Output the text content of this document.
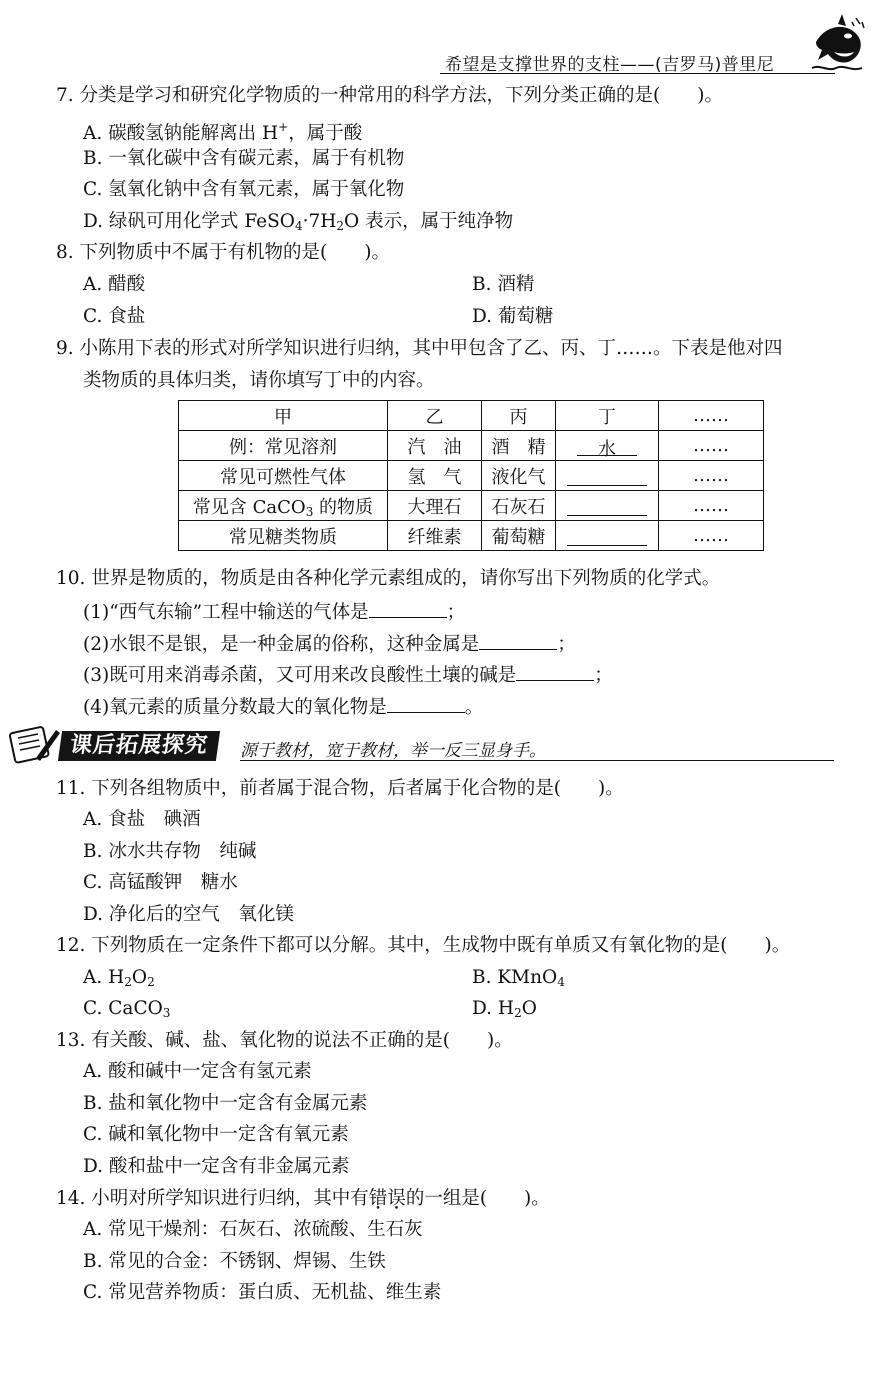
希望是支撑世界的支柱——(吉罗马)普里尼
7. 分类是学习和研究化学物质的一种常用的科学方法，下列分类正确的是(　　)。
A. 碳酸氢钠能解离出 H+，属于酸
B. 一氧化碳中含有碳元素，属于有机物
C. 氢氧化钠中含有氧元素，属于氧化物
D. 绿矾可用化学式 $FeSO_4\cdot 7H_2O$ 表示，属于纯净物
8. 下列物质中不属于有机物的是(　　)。
A. 醋酸	B. 酒精
C. 食盐	D. 葡萄糖
9. 小陈用下表的形式对所学知识进行归纳，其中甲包含了乙、丙、丁……。下表是他对四
类物质的具体归类，请你填写丁中的内容。
甲	乙	丙	丁	……
例：常见溶剂	汽　油	酒　精	水	……
常见可燃性气体	氢　气	液化气		……
常见含 CaCO$_3$ 的物质	大理石	石灰石		……
常见糖类物质	纤维素	葡萄糖		……
10. 世界是物质的，物质是由各种化学元素组成的，请你写出下列物质的化学式。
(1)“西气东输”工程中输送的气体是	；
(2)水银不是银，是一种金属的俗称，这种金属是	；
(3)既可用来消毒杀菌，又可用来改良酸性土壤的碱是	；
(4)氧元素的质量分数最大的氧化物是	。
课后拓展探究	源于教材，宽于教材，举一反三显身手。
11. 下列各组物质中，前者属于混合物，后者属于化合物的是(　　)。
A. 食盐　碘酒
B. 冰水共存物　纯碱
C. 高锰酸钾　糖水
D. 净化后的空气　氧化镁
12. 下列物质在一定条件下都可以分解。其中，生成物中既有单质又有氧化物的是(　　)。
A. $H_2O_2$	B. KMnO$_4$
C. CaCO$_3$	D. $H_2O$
13. 有关酸、碱、盐、氧化物的说法不正确的是(　　)。
A. 酸和碱中一定含有氢元素
B. 盐和氧化物中一定含有金属元素
C. 碱和氧化物中一定含有氧元素
D. 酸和盐中一定含有非金属元素
14. 小明对所学知识进行归纳，其中有错误的一组是(　　)。
A. 常见干燥剂：石灰石、浓硫酸、生石灰
B. 常见的合金：不锈钢、焊锡、生铁
C. 常见营养物质：蛋白质、无机盐、维生素
